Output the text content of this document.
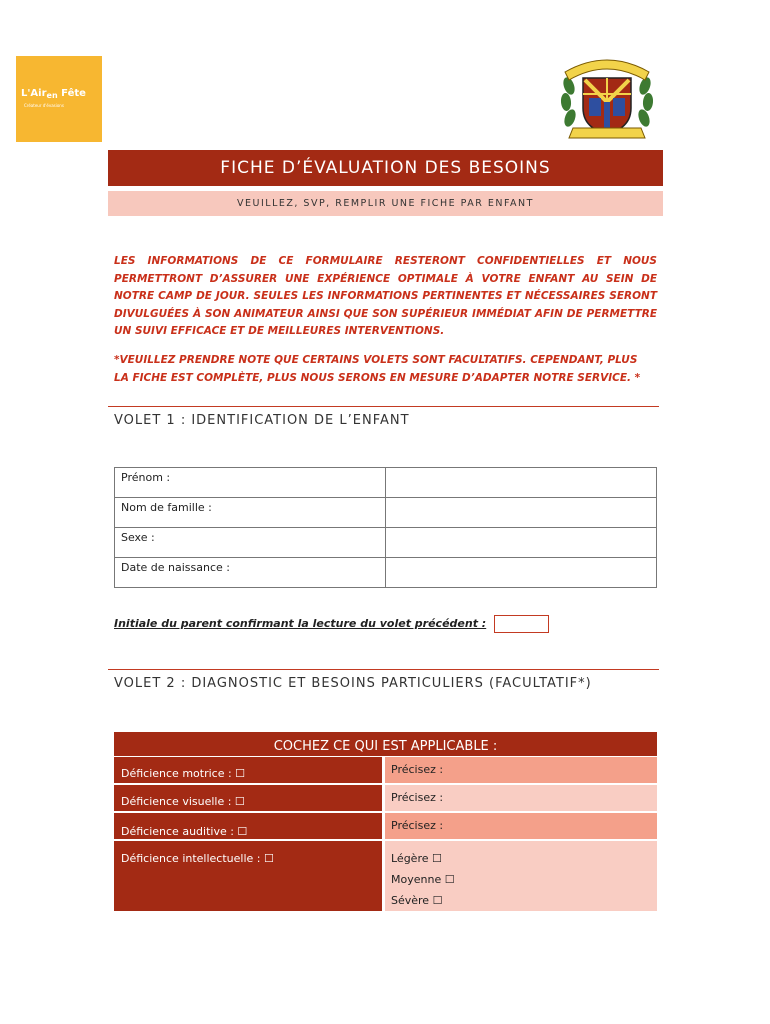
L'Air$_{en}$ Fête
Créateur d'évasions
FICHE D’ÉVALUATION DES BESOINS
VEUILLEZ, SVP, REMPLIR UNE FICHE PAR ENFANT
LES INFORMATIONS DE CE FORMULAIRE RESTERONT CONFIDENTIELLES ET NOUS PERMETTRONT D’ASSURER UNE EXPÉRIENCE OPTIMALE À VOTRE ENFANT AU SEIN DE NOTRE CAMP DE JOUR. SEULES LES INFORMATIONS PERTINENTES ET NÉCESSAIRES SERONT DIVULGUÉES À SON ANIMATEUR AINSI QUE SON SUPÉRIEUR IMMÉDIAT AFIN DE PERMETTRE UN SUIVI EFFICACE ET DE MEILLEURES INTERVENTIONS.
*VEUILLEZ PRENDRE NOTE QUE CERTAINS VOLETS SONT FACULTATIFS. CEPENDANT, PLUS
LA FICHE EST COMPLÈTE, PLUS NOUS SERONS EN MESURE D’ADAPTER NOTRE SERVICE. *
VOLET 1 : IDENTIFICATION DE L’ENFANT
Prénom :	
Nom de famille :	
Sexe :	
Date de naissance :	
Initiale du parent confirmant la lecture du volet précédent :
VOLET 2 : DIAGNOSTIC ET BESOINS PARTICULIERS (FACULTATIF*)
COCHEZ CE QUI EST APPLICABLE :
Déficience motrice : ☐	Précisez :
Déficience visuelle : ☐	Précisez :
Déficience auditive : ☐	Précisez :
Déficience intellectuelle : ☐	Légère ☐
Moyenne ☐
Sévère ☐
